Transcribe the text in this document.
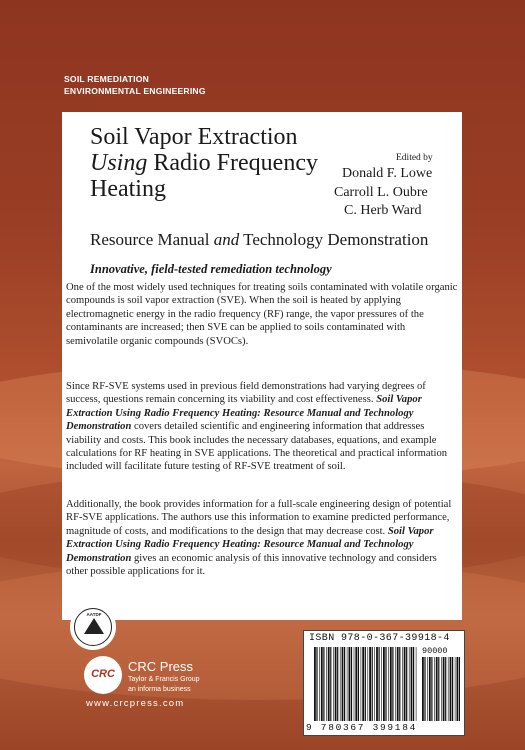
SOIL REMEDIATION
ENVIRONMENTAL ENGINEERING
Soil Vapor Extraction
Using Radio Frequency
Heating
Edited by
Donald F. Lowe
Carroll L. Oubre
C. Herb Ward
Resource Manual and Technology Demonstration
Innovative, field-tested remediation technology
One of the most widely used techniques for treating soils contaminated with volatile organic compounds is soil vapor extraction (SVE). When the soil is heated by applying electromagnetic energy in the radio frequency (RF) range, the vapor pressures of the contaminants are increased; then SVE can be applied to soils contaminated with semivolatile organic compounds (SVOCs).
Since RF-SVE systems used in previous field demonstrations had varying degrees of success, questions remain concerning its viability and cost effectiveness. Soil Vapor Extraction Using Radio Frequency Heating: Resource Manual and Technology Demonstration covers detailed scientific and engineering information that addresses viability and costs. This book includes the necessary databases, equations, and example calculations for RF heating in SVE applications. The theoretical and practical information included will facilitate future testing of RF-SVE treatment of soil.
Additionally, the book provides information for a full-scale engineering design of potential RF-SVE applications. The authors use this information to examine predicted performance, magnitude of costs, and modifications to the design that may decrease cost. Soil Vapor Extraction Using Radio Frequency Heating: Resource Manual and Technology Demonstration gives an economic analysis of this innovative technology and considers other possible applications for it.
AATDF
CRC	CRC Press
Taylor & Francis Group
an informa business
www.crcpress.com
ISBN 978-0-367-39918-4
90000
9 780367 399184
